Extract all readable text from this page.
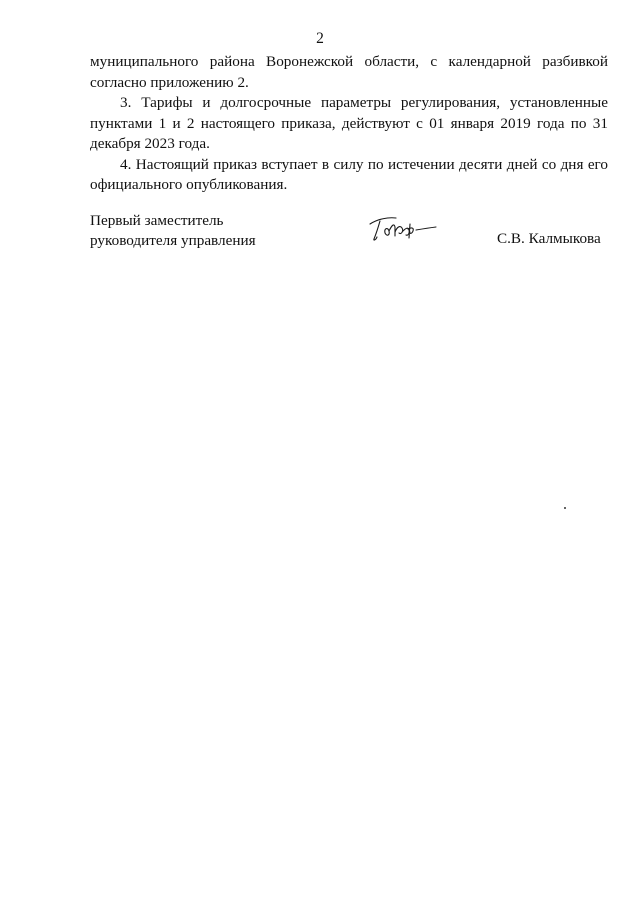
2

муниципального района Воронежской области, с календарной разбивкой согласно приложению 2.

3. Тарифы и долгосрочные параметры регулирования, установленные пунктами 1 и 2 настоящего приказа, действуют с 01 января 2019 года по 31 декабря 2023 года.

4. Настоящий приказ вступает в силу по истечении десяти дней со дня его официального опубликования.

Первый заместитель
руководителя управления	С.В. Калмыкова
